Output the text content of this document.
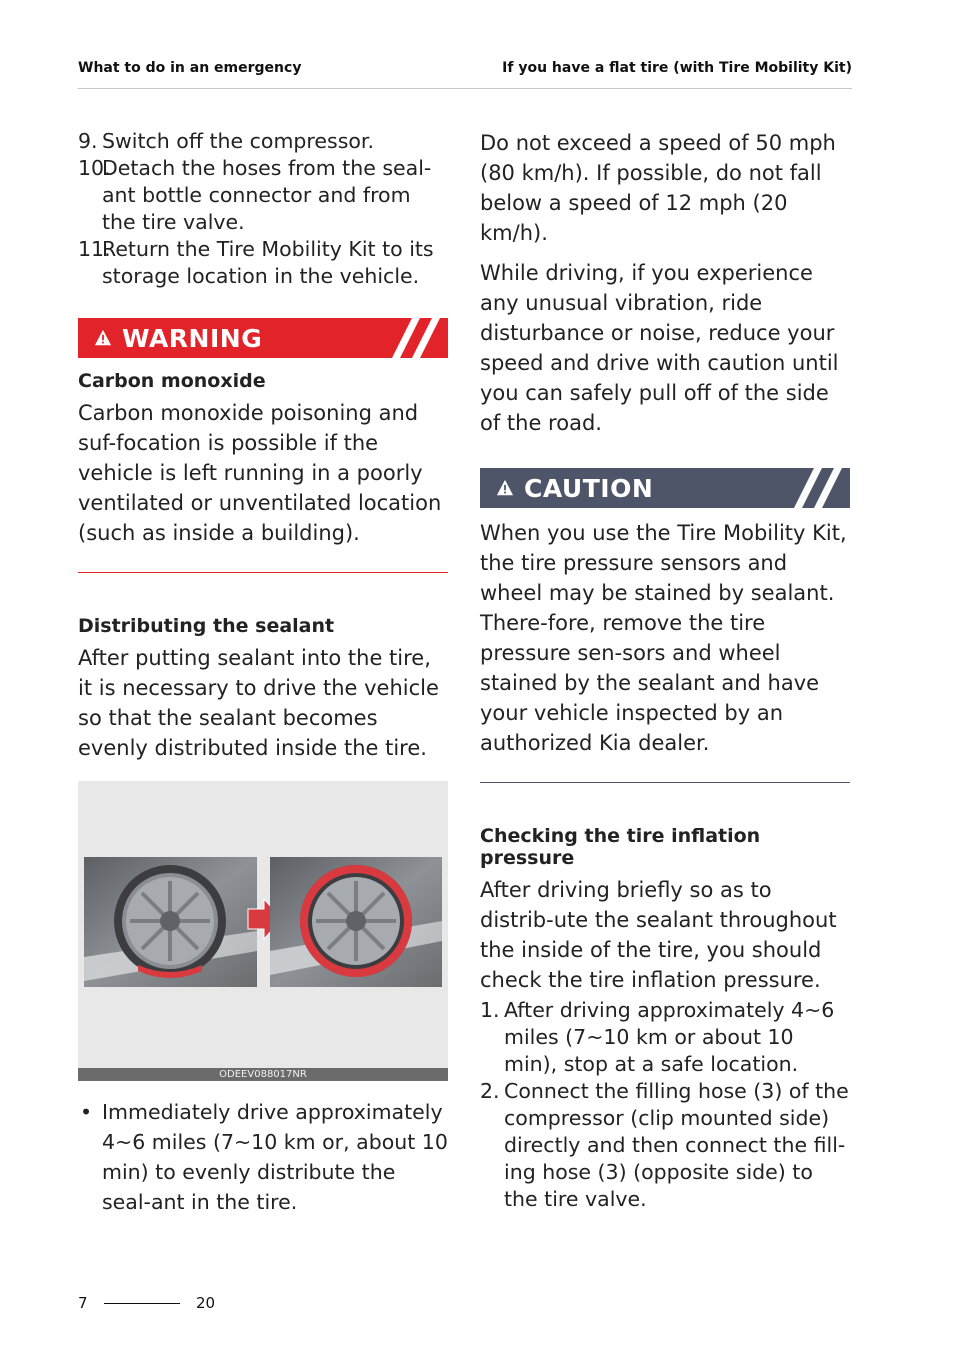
What to do in an emergency	If you have a flat tire (with Tire Mobility Kit)
9. Switch off the compressor.
10.
Detach the hoses from the seal-ant bottle connector and from the tire valve.
11.
Return the Tire Mobility Kit to its storage location in the vehicle.
WARNING
Carbon monoxide

Carbon monoxide poisoning and suf-focation is possible if the vehicle is left running in a poorly ventilated or unventilated location (such as inside a building).

Distributing the sealant

After putting sealant into the tire, it is necessary to drive the vehicle so that the sealant becomes evenly distributed inside the tire.

ODEEV088017NR
• Immediately drive approximately 4~6 miles (7~10 km or, about 10 min) to evenly distribute the seal-ant in the tire.

Do not exceed a speed of 50 mph (80 km/h). If possible, do not fall below a speed of 12 mph (20 km/h).

While driving, if you experience any unusual vibration, ride disturbance or noise, reduce your speed and drive with caution until you can safely pull off of the side of the road.

CAUTION

When you use the Tire Mobility Kit, the tire pressure sensors and wheel may be stained by sealant. There-fore, remove the tire pressure sen-sors and wheel stained by the sealant and have your vehicle inspected by an authorized Kia dealer.

Checking the tire inflation pressure

After driving briefly so as to distrib-ute the sealant throughout the inside of the tire, you should check the tire inflation pressure.

1. After driving approximately 4~6 miles (7~10 km or about 10 min), stop at a safe location.
2. Connect the filling hose (3) of the compressor (clip mounted side) directly and then connect the fill-ing hose (3) (opposite side) to the tire valve.
7	20
